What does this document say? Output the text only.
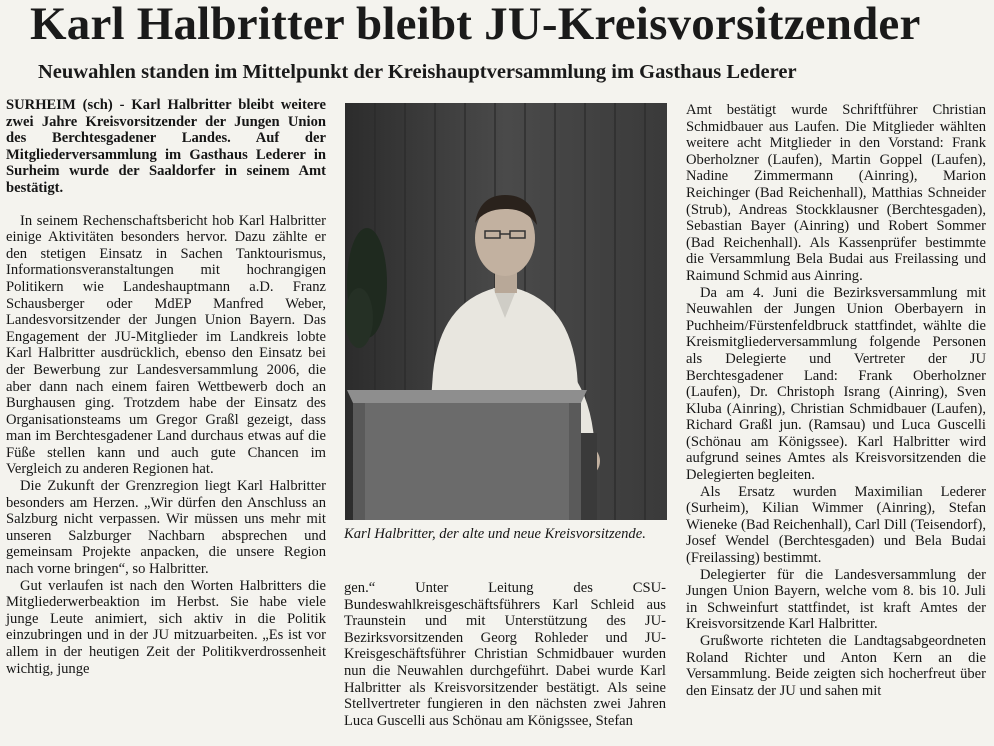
Karl Halbritter bleibt JU-Kreisvorsitzender
Neuwahlen standen im Mittelpunkt der Kreishauptversammlung im Gasthaus Lederer

SURHEIM (sch) - Karl Halbritter bleibt weitere zwei Jahre Kreisvorsitzender der Jungen Union des Berchtesgadener Landes. Auf der Mitgliederversammlung im Gasthaus Lederer in Surheim wurde der Saaldorfer in seinem Amt bestätigt.

In seinem Rechenschaftsbericht hob Karl Halbritter einige Aktivitäten besonders hervor. Dazu zählte er den stetigen Einsatz in Sachen Tanktourismus, Informationsveranstaltungen mit hochrangigen Politikern wie Landeshauptmann a.D. Franz Schausberger oder MdEP Manfred Weber, Landesvorsitzender der Jungen Union Bayern. Das Engagement der JU-Mitglieder im Landkreis lobte Karl Halbritter ausdrücklich, ebenso den Einsatz bei der Bewerbung zur Landesversammlung 2006, die aber dann nach einem fairen Wettbewerb doch an Burghausen ging. Trotzdem habe der Einsatz des Organisationsteams um Gregor Graßl gezeigt, dass man im Berchtesgadener Land durchaus etwas auf die Füße stellen kann und auch gute Chancen im Vergleich zu anderen Regionen hat.

Die Zukunft der Grenzregion liegt Karl Halbritter besonders am Herzen. „Wir dürfen den Anschluss an Salzburg nicht verpassen. Wir müssen uns mehr mit unseren Salzburger Nachbarn absprechen und gemeinsam Projekte anpacken, die unsere Region nach vorne bringen“, so Halbritter.

Gut verlaufen ist nach den Worten Halbritters die Mitgliederwerbeaktion im Herbst. Sie habe viele junge Leute animiert, sich aktiv in die Politik einzubringen und in der JU mitzuarbeiten. „Es ist vor allem in der heutigen Zeit der Politikverdrossenheit wichtig, junge

Karl Halbritter, der alte und neue Kreisvorsitzende.

gen.“ Unter Leitung des CSU-Bundeswahlkreisgeschäftsführers Karl Schleid aus Traunstein und mit Unterstützung des JU-Bezirksvorsitzenden Georg Rohleder und JU-Kreisgeschäftsführer Christian Schmidbauer wurden nun die Neuwahlen durchgeführt. Dabei wurde Karl Halbritter als Kreisvorsitzender bestätigt. Als seine Stellvertreter fungieren in den nächsten zwei Jahren Luca Guscelli aus Schönau am Königssee, Stefan

Amt bestätigt wurde Schriftführer Christian Schmidbauer aus Laufen. Die Mitglieder wählten weitere acht Mitglieder in den Vorstand: Frank Oberholzner (Laufen), Martin Goppel (Laufen), Nadine Zimmermann (Ainring), Marion Reichinger (Bad Reichenhall), Matthias Schneider (Strub), Andreas Stockklausner (Berchtesgaden), Sebastian Bayer (Ainring) und Robert Sommer (Bad Reichenhall). Als Kassenprüfer bestimmte die Versammlung Bela Budai aus Freilassing und Raimund Schmid aus Ainring.

Da am 4. Juni die Bezirksversammlung mit Neuwahlen der Jungen Union Oberbayern in Puchheim/Fürstenfeldbruck stattfindet, wählte die Kreismitgliederversammlung folgende Personen als Delegierte und Vertreter der JU Berchtesgadener Land: Frank Oberholzner (Laufen), Dr. Christoph Israng (Ainring), Sven Kluba (Ainring), Christian Schmidbauer (Laufen), Richard Graßl jun. (Ramsau) und Luca Guscelli (Schönau am Königssee). Karl Halbritter wird aufgrund seines Amtes als Kreisvorsitzenden die Delegierten begleiten.

Als Ersatz wurden Maximilian Lederer (Surheim), Kilian Wimmer (Ainring), Stefan Wieneke (Bad Reichenhall), Carl Dill (Teisendorf), Josef Wendel (Berchtesgaden) und Bela Budai (Freilassing) bestimmt.

Delegierter für die Landesversammlung der Jungen Union Bayern, welche vom 8. bis 10. Juli in Schweinfurt stattfindet, ist kraft Amtes der Kreisvorsitzende Karl Halbritter.

Grußworte richteten die Landtagsabgeordneten Roland Richter und Anton Kern an die Versammlung. Beide zeigten sich hocherfreut über den Einsatz der JU und sahen mit
